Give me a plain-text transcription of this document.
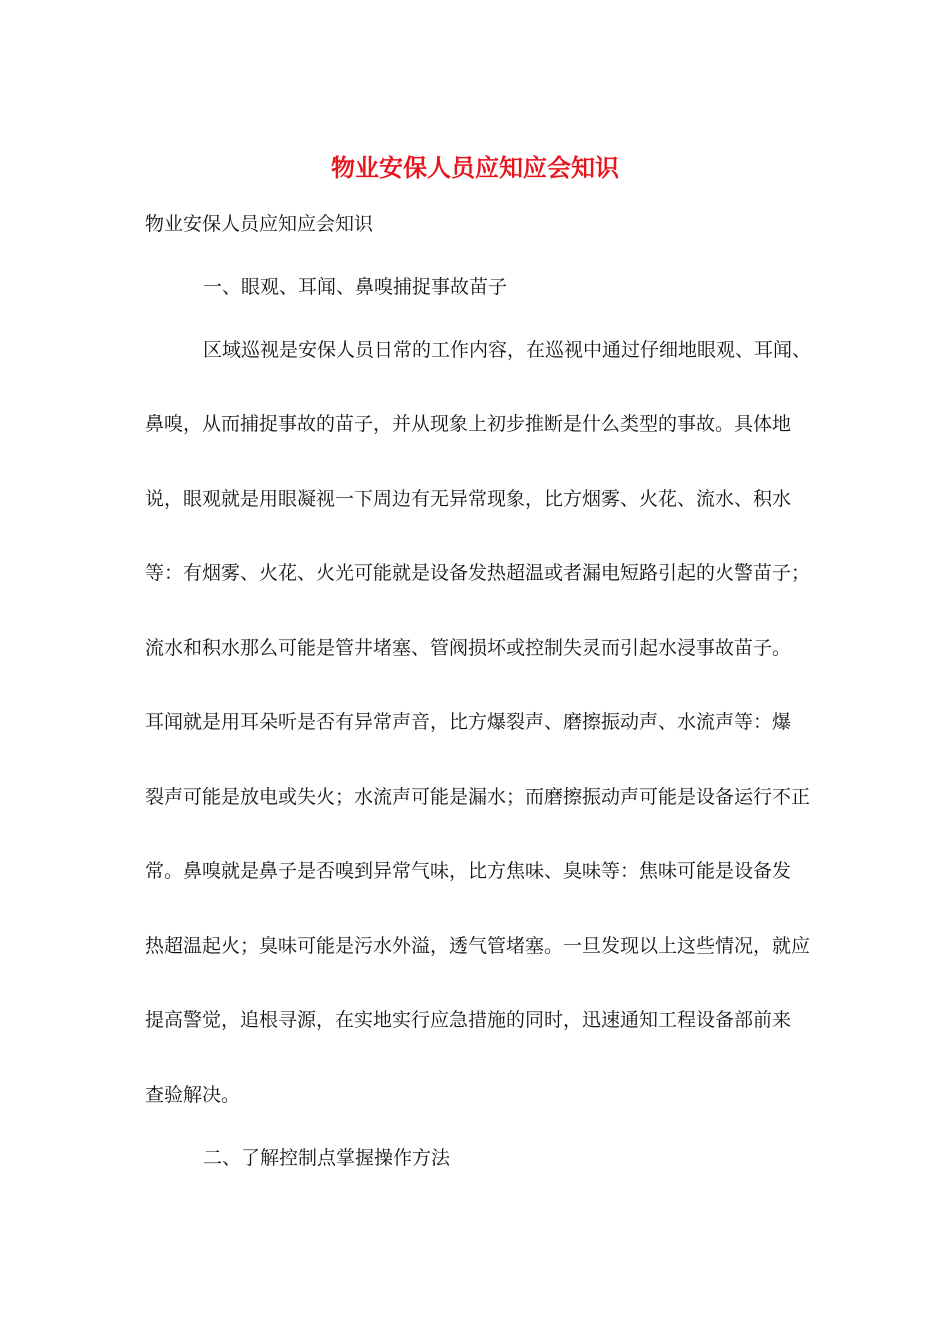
物业安保人员应知应会知识
物业安保人员应知应会知识
一、眼观、耳闻、鼻嗅捕捉事故苗子
区域巡视是安保人员日常的工作内容，在巡视中通过仔细地眼观、耳闻、
鼻嗅，从而捕捉事故的苗子，并从现象上初步推断是什么类型的事故。具体地
说，眼观就是用眼凝视一下周边有无异常现象，比方烟雾、火花、流水、积水
等：有烟雾、火花、火光可能就是设备发热超温或者漏电短路引起的火警苗子；
流水和积水那么可能是管井堵塞、管阀损坏或控制失灵而引起水浸事故苗子。
耳闻就是用耳朵听是否有异常声音，比方爆裂声、磨擦振动声、水流声等：爆
裂声可能是放电或失火；水流声可能是漏水；而磨擦振动声可能是设备运行不正
常。鼻嗅就是鼻子是否嗅到异常气味，比方焦味、臭味等：焦味可能是设备发
热超温起火；臭味可能是污水外溢，透气管堵塞。一旦发现以上这些情况，就应
提高警觉，追根寻源，在实地实行应急措施的同时，迅速通知工程设备部前来
查验解决。
二、了解控制点掌握操作方法
